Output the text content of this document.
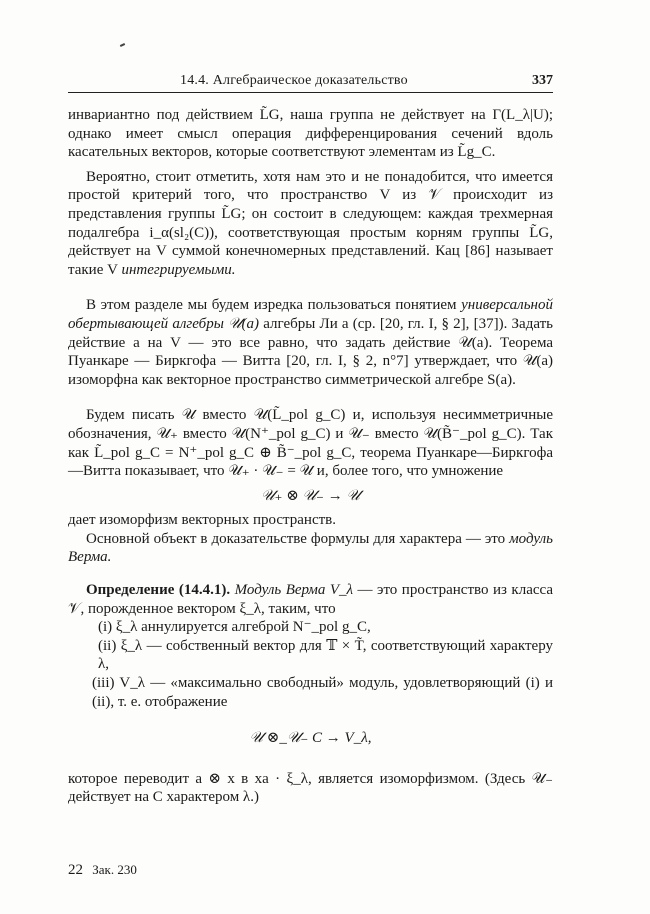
14.4. Алгебраическое доказательство	337

инвариантно под действием L̃G, наша группа не действует на Γ(L_λ|U); однако имеет смысл операция дифференцирования сечений вдоль касательных векторов, которые соответствуют элементам из L̃g_C.

Вероятно, стоит отметить, хотя нам это и не понадобится, что имеется простой критерий того, что пространство V из 𝒱 происходит из представления группы L̃G; он состоит в следующем: каждая трехмерная подалгебра i_α(sl₂(C)), соответствующая простым корням группы L̃G, действует на V суммой конечномерных представлений. Кац [86] называет такие V интегрируемыми.

В этом разделе мы будем изредка пользоваться понятием универсальной обертывающей алгебры 𝒰(a) алгебры Ли a (ср. [20, гл. I, § 2], [37]). Задать действие a на V — это все равно, что задать действие 𝒰(a). Теорема Пуанкаре — Биркгофа — Витта [20, гл. I, § 2, n°7] утверждает, что 𝒰(a) изоморфна как векторное пространство симметрической алгебре S(a).

Будем писать 𝒰 вместо 𝒰(L̃_pol g_C) и, используя несимметричные обозначения, 𝒰₊ вместо 𝒰(N⁺_pol g_C) и 𝒰₋ вместо 𝒰(B̃⁻_pol g_C). Так как L̃_pol g_C = N⁺_pol g_C ⊕ B̃⁻_pol g_C, теорема Пуанкаре—Биркгофа—Витта показывает, что 𝒰₊ · 𝒰₋ = 𝒰 и, более того, что умножение

𝒰₊ ⊗ 𝒰₋ → 𝒰

дает изоморфизм векторных пространств.

Основной объект в доказательстве формулы для характера — это модуль Верма.

Определение (14.4.1). Модуль Верма V_λ — это пространство из класса 𝒱, порожденное вектором ξ_λ, таким, что

(i) ξ_λ аннулируется алгеброй N⁻_pol g_C,

(ii) ξ_λ — собственный вектор для 𝕋 × T̃, соответствующий характеру λ,

(iii) V_λ — «максимально свободный» модуль, удовлетворяющий (i) и (ii), т. е. отображение

𝒰 ⊗_𝒰₋ C → V_λ,

которое переводит a ⊗ x в xa · ξ_λ, является изоморфизмом. (Здесь 𝒰₋ действует на C характером λ.)

22 Зак. 230
